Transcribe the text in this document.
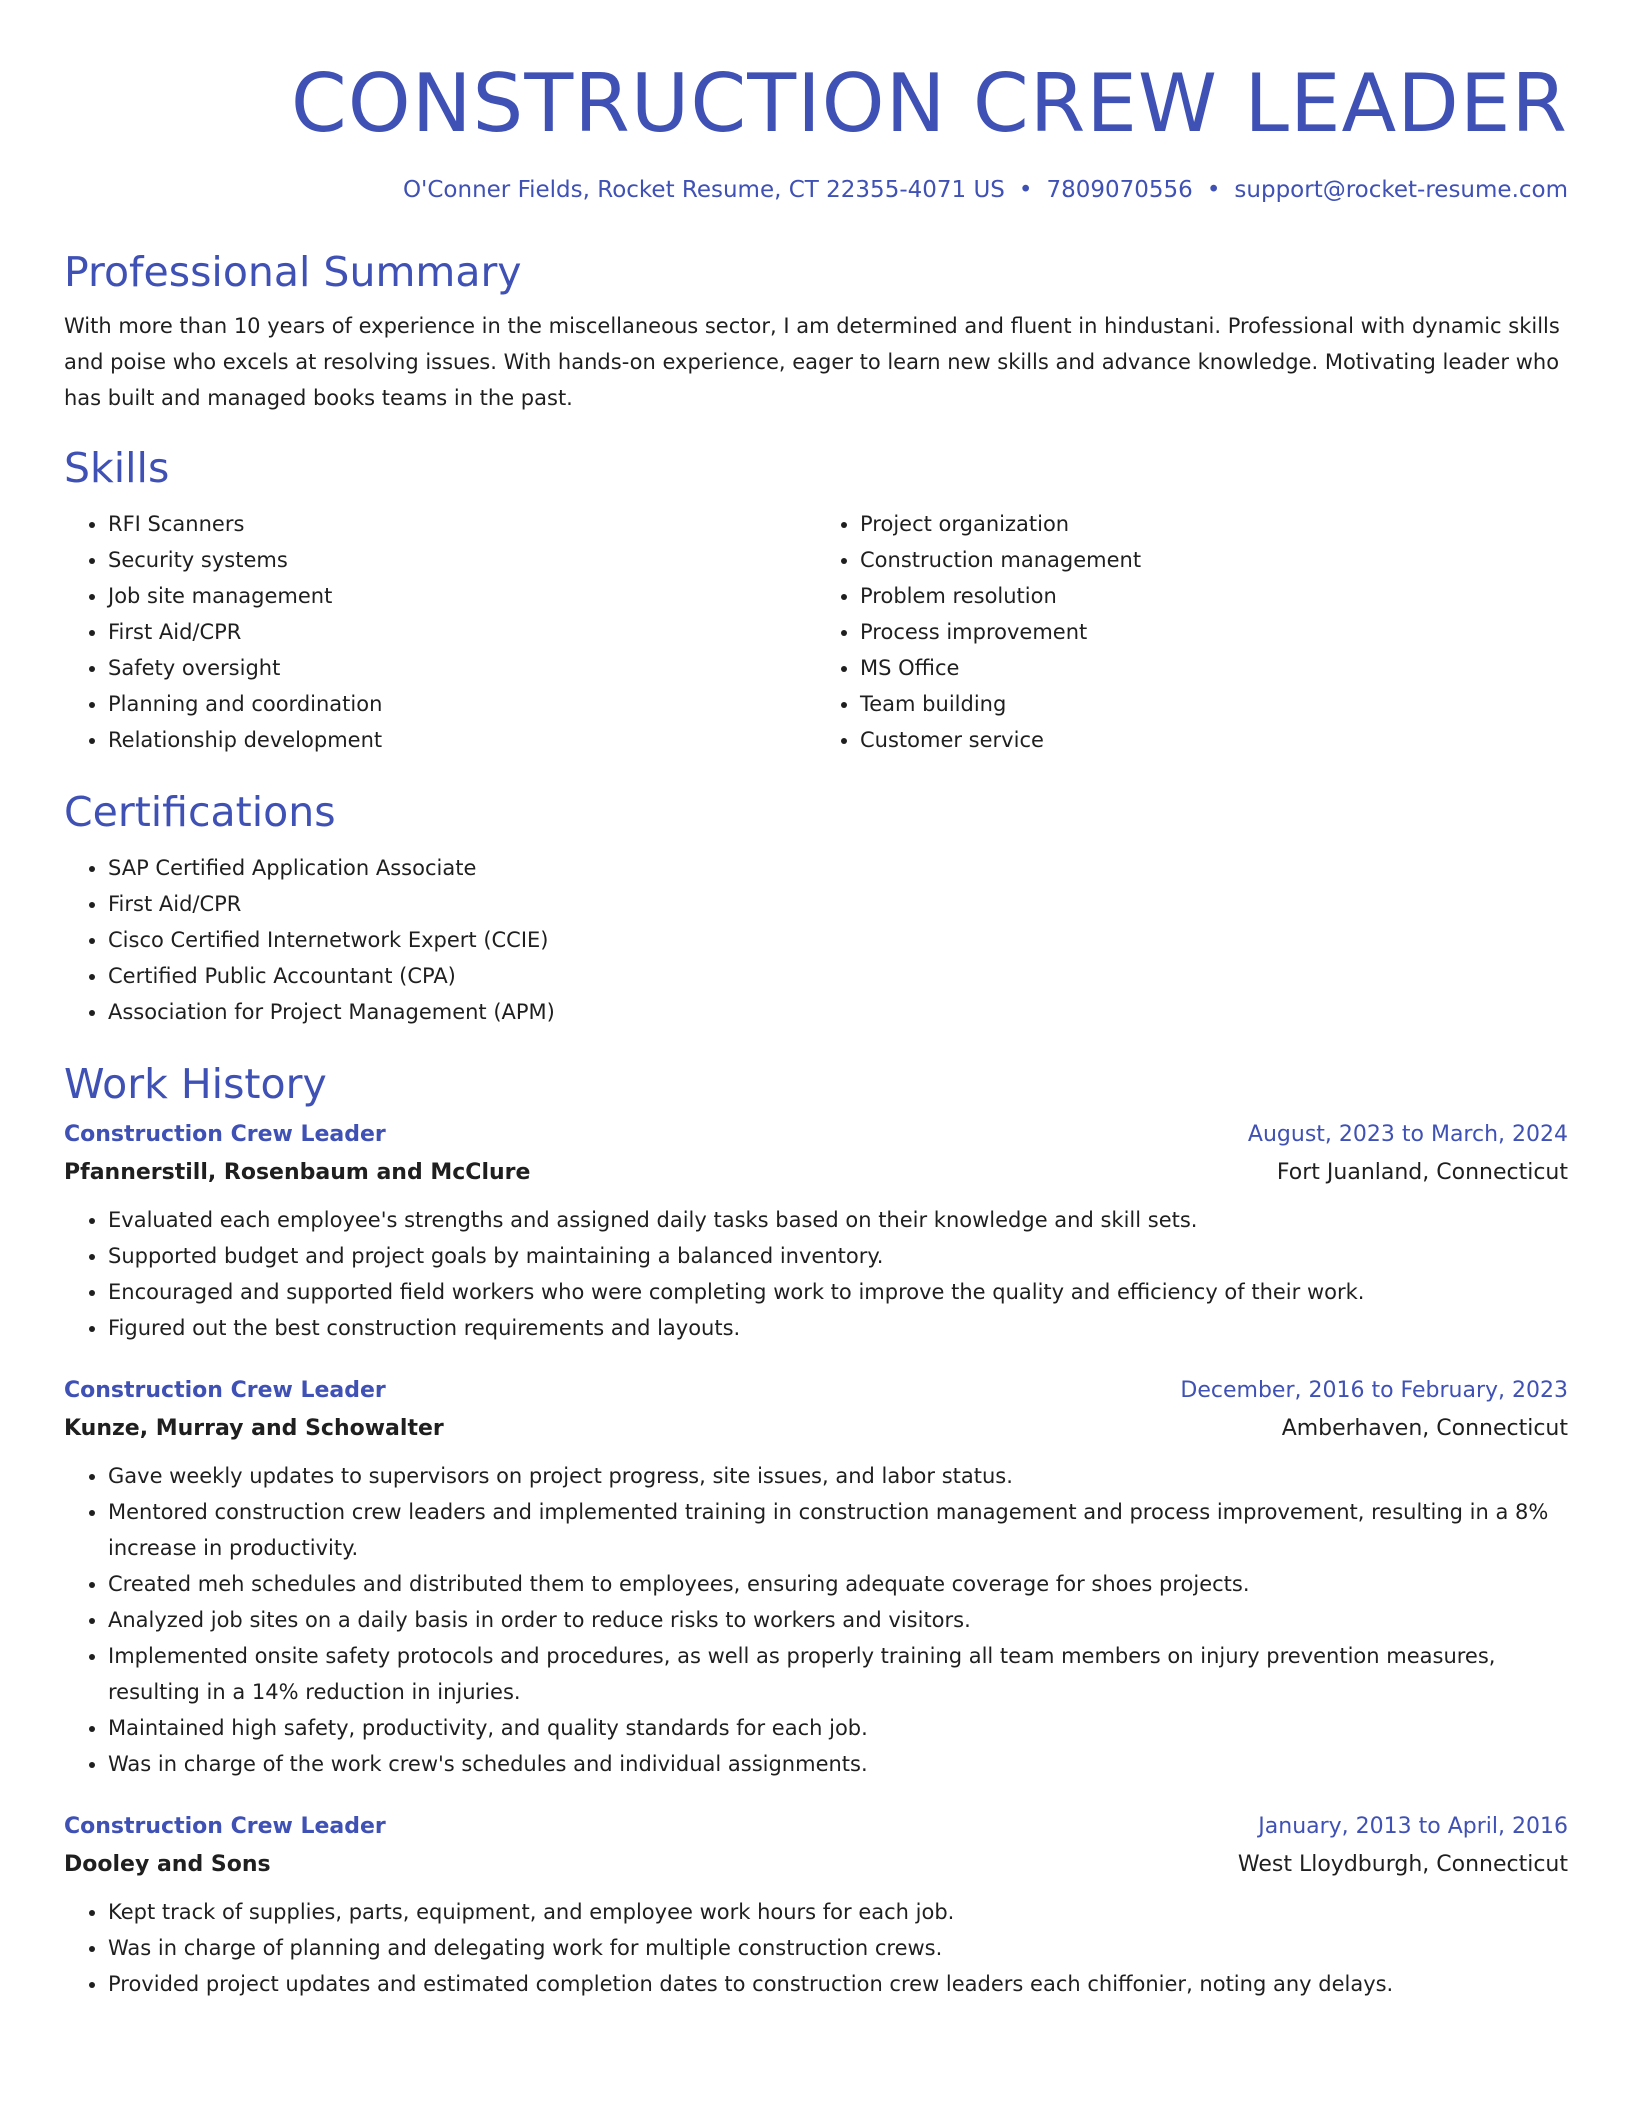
CONSTRUCTION CREW LEADER
O'Conner Fields, Rocket Resume, CT 22355-4071 US • 7809070556 • support@rocket-resume.com
Professional Summary

With more than 10 years of experience in the miscellaneous sector, I am determined and fluent in hindustani. Professional with dynamic skills and poise who excels at resolving issues. With hands-on experience, eager to learn new skills and advance knowledge. Motivating leader who has built and managed books teams in the past.

Skills
• RFI Scanners
• Security systems
• Job site management
• First Aid/CPR
• Safety oversight
• Planning and coordination
• Relationship development
• Project organization
• Construction management
• Problem resolution
• Process improvement
• MS Office
• Team building
• Customer service
Certifications
• SAP Certified Application Associate
• First Aid/CPR
• Cisco Certified Internetwork Expert (CCIE)
• Certified Public Accountant (CPA)
• Association for Project Management (APM)
Work History
Construction Crew Leader	August, 2023 to March, 2024
Pfannerstill, Rosenbaum and McClure	Fort Juanland, Connecticut
• Evaluated each employee's strengths and assigned daily tasks based on their knowledge and skill sets.
• Supported budget and project goals by maintaining a balanced inventory.
• Encouraged and supported field workers who were completing work to improve the quality and efficiency of their work.
• Figured out the best construction requirements and layouts.
Construction Crew Leader	December, 2016 to February, 2023
Kunze, Murray and Schowalter	Amberhaven, Connecticut
• Gave weekly updates to supervisors on project progress, site issues, and labor status.
• Mentored construction crew leaders and implemented training in construction management and process improvement, resulting in a 8% increase in productivity.
• Created meh schedules and distributed them to employees, ensuring adequate coverage for shoes projects.
• Analyzed job sites on a daily basis in order to reduce risks to workers and visitors.
• Implemented onsite safety protocols and procedures, as well as properly training all team members on injury prevention measures, resulting in a 14% reduction in injuries.
• Maintained high safety, productivity, and quality standards for each job.
• Was in charge of the work crew's schedules and individual assignments.
Construction Crew Leader	January, 2013 to April, 2016
Dooley and Sons	West Lloydburgh, Connecticut
• Kept track of supplies, parts, equipment, and employee work hours for each job.
• Was in charge of planning and delegating work for multiple construction crews.
• Provided project updates and estimated completion dates to construction crew leaders each chiffonier, noting any delays.
